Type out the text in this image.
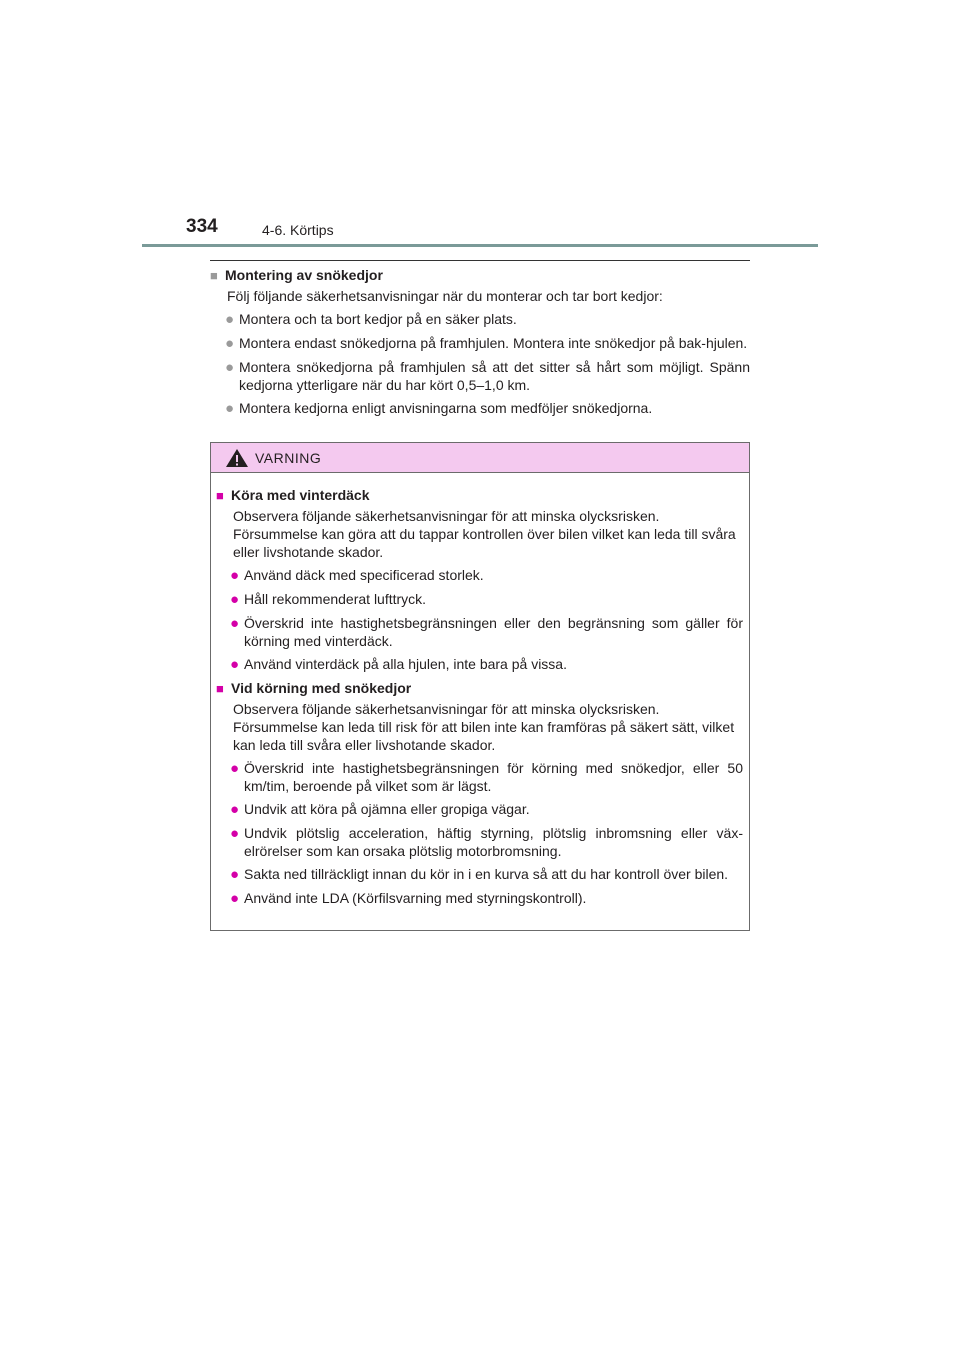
334	4-6. Körtips
■ Montering av snökedjor
Följ följande säkerhetsanvisningar när du monterar och tar bort kedjor:
● Montera och ta bort kedjor på en säker plats.
● Montera endast snökedjorna på framhjulen. Montera inte snökedjor på bak-hjulen.
● Montera snökedjorna på framhjulen så att det sitter så hårt som möjligt. Spänn kedjorna ytterligare när du har kört 0,5–1,0 km.
● Montera kedjorna enligt anvisningarna som medföljer snökedjorna.
VARNING
■ Köra med vinterdäck
Observera följande säkerhetsanvisningar för att minska olycksrisken. Försummelse kan göra att du tappar kontrollen över bilen vilket kan leda till svåra eller livshotande skador.
● Använd däck med specificerad storlek.
● Håll rekommenderat lufttryck.
● Överskrid inte hastighetsbegränsningen eller den begränsning som gäller för körning med vinterdäck.
● Använd vinterdäck på alla hjulen, inte bara på vissa.
■ Vid körning med snökedjor
Observera följande säkerhetsanvisningar för att minska olycksrisken. Försummelse kan leda till risk för att bilen inte kan framföras på säkert sätt, vilket kan leda till svåra eller livshotande skador.
● Överskrid inte hastighetsbegränsningen för körning med snökedjor, eller 50 km/tim, beroende på vilket som är lägst.
● Undvik att köra på ojämna eller gropiga vägar.
● Undvik plötslig acceleration, häftig styrning, plötslig inbromsning eller väx-elrörelser som kan orsaka plötslig motorbromsning.
● Sakta ned tillräckligt innan du kör in i en kurva så att du har kontroll över bilen.
● Använd inte LDA (Körfilsvarning med styrningskontroll).
